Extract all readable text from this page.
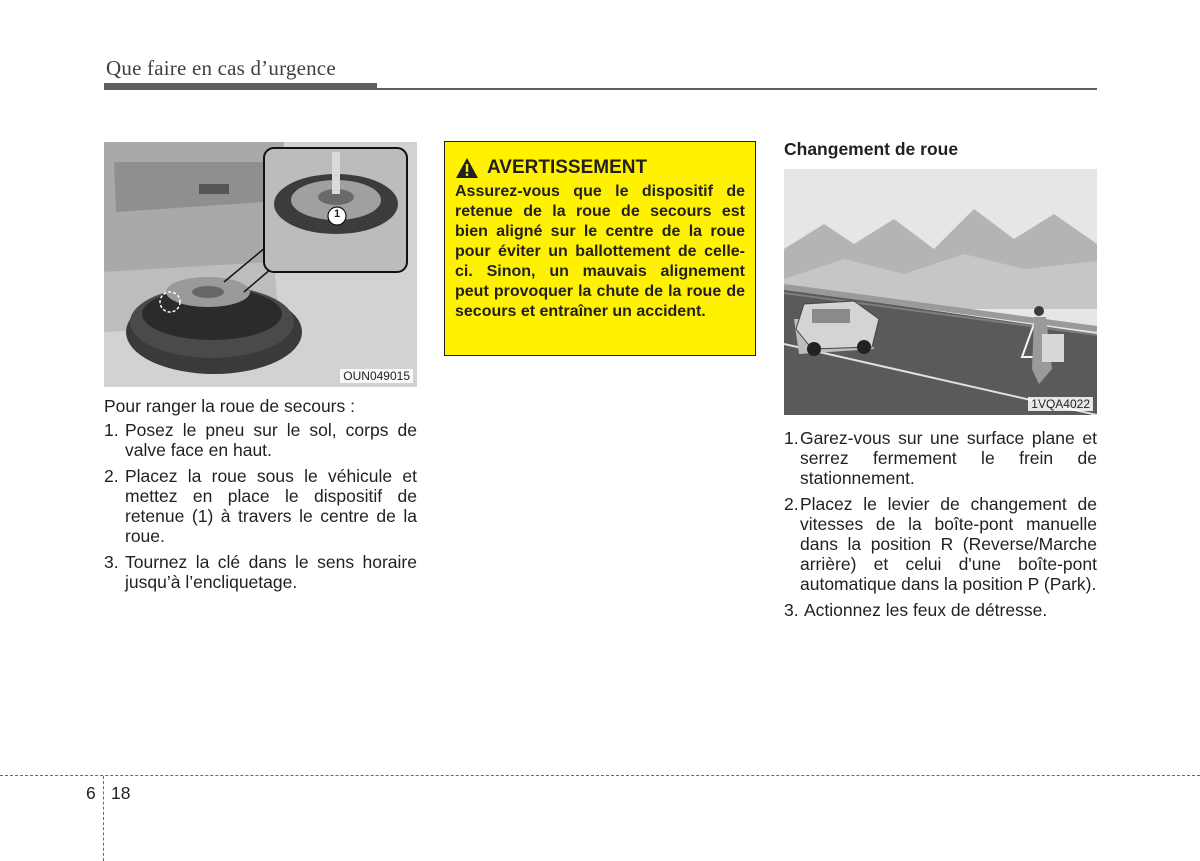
Que faire en cas d’urgence
1
OUN049015
Pour ranger la roue de secours :
1. Posez le pneu sur le sol, corps de valve face en haut.
2. Placez la roue sous le véhicule et mettez en place le dispositif de retenue (1) à travers le centre de la roue.
3. Tournez la clé dans le sens horaire jusqu’à l’encliquetage.
AVERTISSEMENT
Assurez-vous que le dispositif de retenue de la roue de secours est bien aligné sur le centre de la roue pour éviter un ballottement de celle-ci. Sinon, un mauvais alignement peut provoquer la chute de la roue de secours et entraîner un accident.
Changement de roue
1VQA4022
1. Garez-vous sur une surface plane et serrez fermement le frein de stationnement.
2. Placez le levier de changement de vitesses de la boîte-pont manuelle dans la position R (Reverse/Marche arrière) et celui d'une boîte-pont automatique dans la position P (Park).
3. Actionnez les feux de détresse.
6 18
